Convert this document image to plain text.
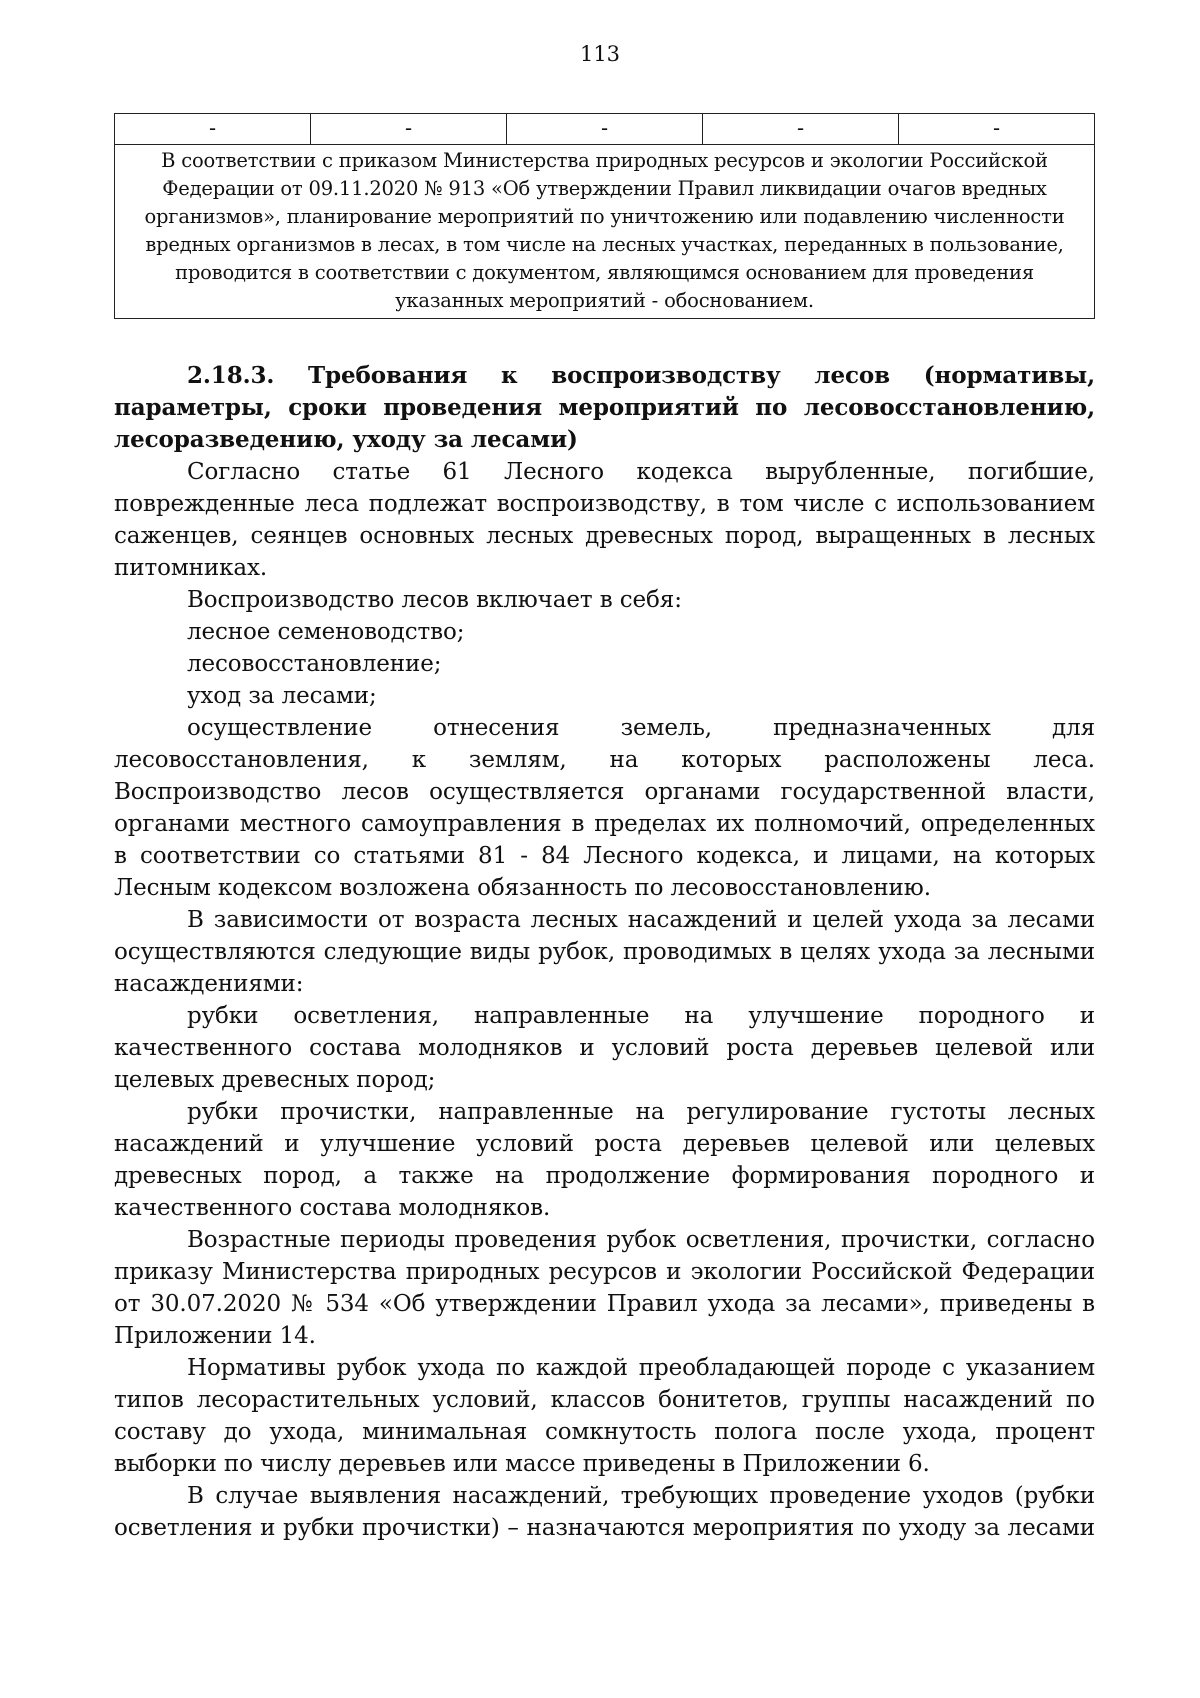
113
-	-	-	-	-
В соответствии с приказом Министерства природных ресурсов и экологии Российской Федерации от 09.11.2020 № 913 «Об утверждении Правил ликвидации очагов вредных организмов», планирование мероприятий по уничтожению или подавлению численности вредных организмов в лесах, в том числе на лесных участках, переданных в пользование, проводится в соответствии с документом, являющимся основанием для проведения указанных мероприятий - обоснованием.

2.18.3. Требования к воспроизводству лесов (нормативы, параметры, сроки проведения мероприятий по лесовосстановлению, лесоразведению, уходу за лесами)

Согласно статье 61 Лесного кодекса вырубленные, погибшие, поврежденные леса подлежат воспроизводству, в том числе с использованием саженцев, сеянцев основных лесных древесных пород, выращенных в лесных питомниках.

Воспроизводство лесов включает в себя:

лесное семеноводство;

лесовосстановление;

уход за лесами;

осуществление отнесения земель, предназначенных для лесовосстановления, к землям, на которых расположены леса. Воспроизводство лесов осуществляется органами государственной власти, органами местного самоуправления в пределах их полномочий, определенных в соответствии со статьями 81 - 84 Лесного кодекса, и лицами, на которых Лесным кодексом возложена обязанность по лесовосстановлению.

В зависимости от возраста лесных насаждений и целей ухода за лесами осуществляются следующие виды рубок, проводимых в целях ухода за лесными насаждениями:

рубки осветления, направленные на улучшение породного и качественного состава молодняков и условий роста деревьев целевой или целевых древесных пород;

рубки прочистки, направленные на регулирование густоты лесных насаждений и улучшение условий роста деревьев целевой или целевых древесных пород, а также на продолжение формирования породного и качественного состава молодняков.

Возрастные периоды проведения рубок осветления, прочистки, согласно приказу Министерства природных ресурсов и экологии Российской Федерации от 30.07.2020 № 534 «Об утверждении Правил ухода за лесами», приведены в Приложении 14.

Нормативы рубок ухода по каждой преобладающей породе с указанием типов лесорастительных условий, классов бонитетов, группы насаждений по составу до ухода, минимальная сомкнутость полога после ухода, процент выборки по числу деревьев или массе приведены в Приложении 6.

В случае выявления насаждений, требующих проведение уходов (рубки осветления и рубки прочистки) – назначаются мероприятия по уходу за лесами
